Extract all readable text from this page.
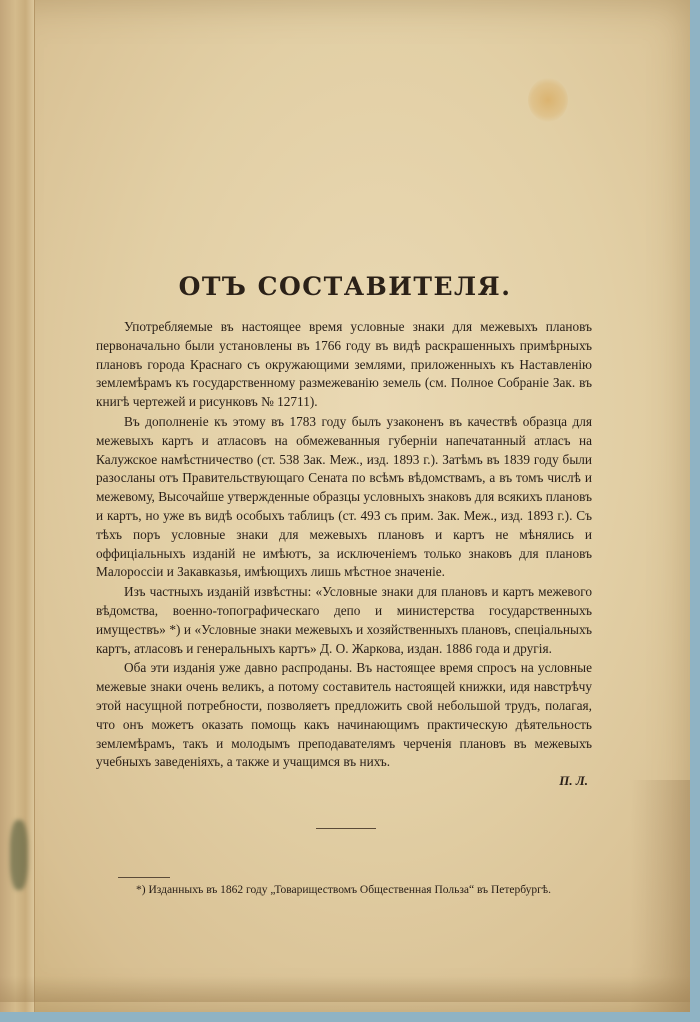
ОТЪ СОСТАВИТЕЛЯ.

Употребляемые въ настоящее время условные знаки для межевыхъ плановъ первоначально были установлены въ 1766 году въ видѣ раскрашенныхъ примѣрныхъ плановъ города Краснаго съ окружающими землями, приложенныхъ къ Наставленію землемѣрамъ къ государственному размежеванію земель (см. Полное Собраніе Зак. въ книгѣ чертежей и рисунковъ № 12711).

Въ дополненіе къ этому въ 1783 году былъ узаконенъ въ качествѣ образца для межевыхъ картъ и атласовъ на обмежеванныя губерніи напечатанный атласъ на Калужское намѣстничество (ст. 538 Зак. Меж., изд. 1893 г.). Затѣмъ въ 1839 году были разосланы отъ Правительствующаго Сената по всѣмъ вѣдомствамъ, а въ томъ числѣ и межевому, Высочайше утвержденные образцы условныхъ знаковъ для всякихъ плановъ и картъ, но уже въ видѣ особыхъ таблицъ (ст. 493 съ прим. Зак. Меж., изд. 1893 г.). Съ тѣхъ поръ условные знаки для межевыхъ плановъ и картъ не мѣнялись и оффиціальныхъ изданій не имѣютъ, за исключеніемъ только знаковъ для плановъ Малороссіи и Закавказья, имѣющихъ лишь мѣстное значеніе.

Изъ частныхъ изданій извѣстны: «Условные знаки для плановъ и картъ межевого вѣдомства, военно-топографическаго депо и министерства государственныхъ имуществъ» *) и «Условные знаки межевыхъ и хозяйственныхъ плановъ, спеціальныхъ картъ, атласовъ и генеральныхъ картъ» Д. О. Жаркова, издан. 1886 года и другія.

Оба эти изданія уже давно распроданы. Въ настоящее время спросъ на условные межевые знаки очень великъ, а потому составитель настоящей книжки, идя навстрѣчу этой насущной потребности, позволяетъ предложить свой небольшой трудъ, полагая, что онъ можетъ оказать помощь какъ начинающимъ практическую дѣятельность землемѣрамъ, такъ и молодымъ преподавателямъ черченія плановъ въ межевыхъ учебныхъ заведеніяхъ, а также и учащимся въ нихъ.

П. Л.

*) Изданныхъ въ 1862 году „Товариществомъ Общественная Польза“ въ Петербургѣ.
